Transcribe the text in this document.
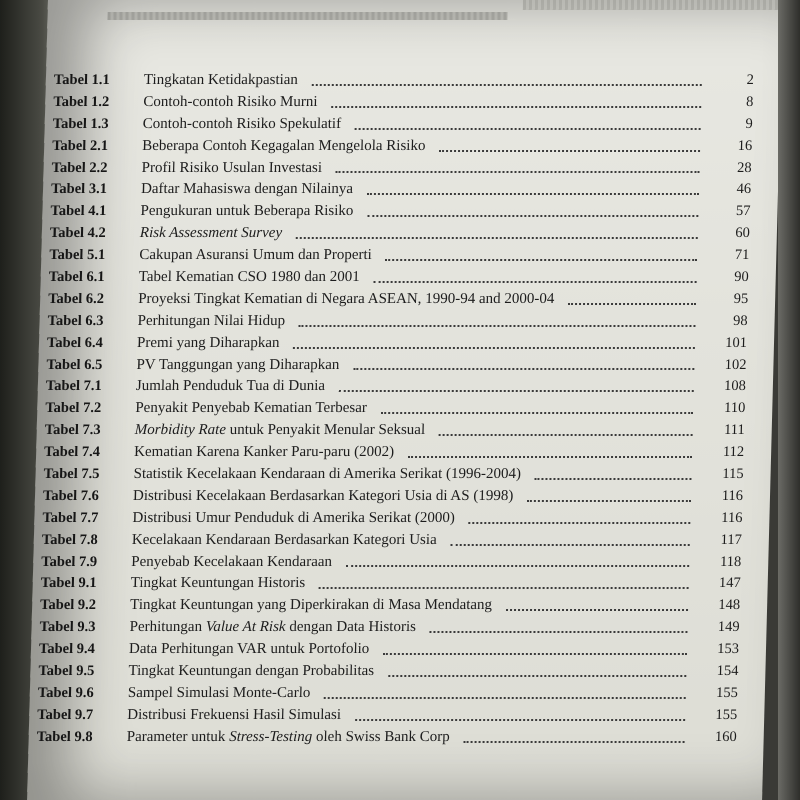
Tabel 1.1	Tingkatan Ketidakpastian	2
Tabel 1.2	Contoh-contoh Risiko Murni	8
Tabel 1.3	Contoh-contoh Risiko Spekulatif	9
Tabel 2.1	Beberapa Contoh Kegagalan Mengelola Risiko	16
Tabel 2.2	Profil Risiko Usulan Investasi	28
Tabel 3.1	Daftar Mahasiswa dengan Nilainya	46
Tabel 4.1	Pengukuran untuk Beberapa Risiko	57
Tabel 4.2	Risk Assessment Survey	60
Tabel 5.1	Cakupan Asuransi Umum dan Properti	71
Tabel 6.1	Tabel Kematian CSO 1980 dan 2001	90
Tabel 6.2	Proyeksi Tingkat Kematian di Negara ASEAN, 1990-94 and 2000-04	95
Tabel 6.3	Perhitungan Nilai Hidup	98
Tabel 6.4	Premi yang Diharapkan	101
Tabel 6.5	PV Tanggungan yang Diharapkan	102
Tabel 7.1	Jumlah Penduduk Tua di Dunia	108
Tabel 7.2	Penyakit Penyebab Kematian Terbesar	110
Tabel 7.3	Morbidity Rate untuk Penyakit Menular Seksual	111
Tabel 7.4	Kematian Karena Kanker Paru-paru (2002)	112
Tabel 7.5	Statistik Kecelakaan Kendaraan di Amerika Serikat (1996-2004)	115
Tabel 7.6	Distribusi Kecelakaan Berdasarkan Kategori Usia di AS (1998)	116
Tabel 7.7	Distribusi Umur Penduduk di Amerika Serikat (2000)	116
Tabel 7.8	Kecelakaan Kendaraan Berdasarkan Kategori Usia	117
Tabel 7.9	Penyebab Kecelakaan Kendaraan	118
Tabel 9.1	Tingkat Keuntungan Historis	147
Tabel 9.2	Tingkat Keuntungan yang Diperkirakan di Masa Mendatang	148
Tabel 9.3	Perhitungan Value At Risk dengan Data Historis	149
Tabel 9.4	Data Perhitungan VAR untuk Portofolio	153
Tabel 9.5	Tingkat Keuntungan dengan Probabilitas	154
Tabel 9.6	Sampel Simulasi Monte-Carlo	155
Tabel 9.7	Distribusi Frekuensi Hasil Simulasi	155
Tabel 9.8	Parameter untuk Stress-Testing oleh Swiss Bank Corp	160
